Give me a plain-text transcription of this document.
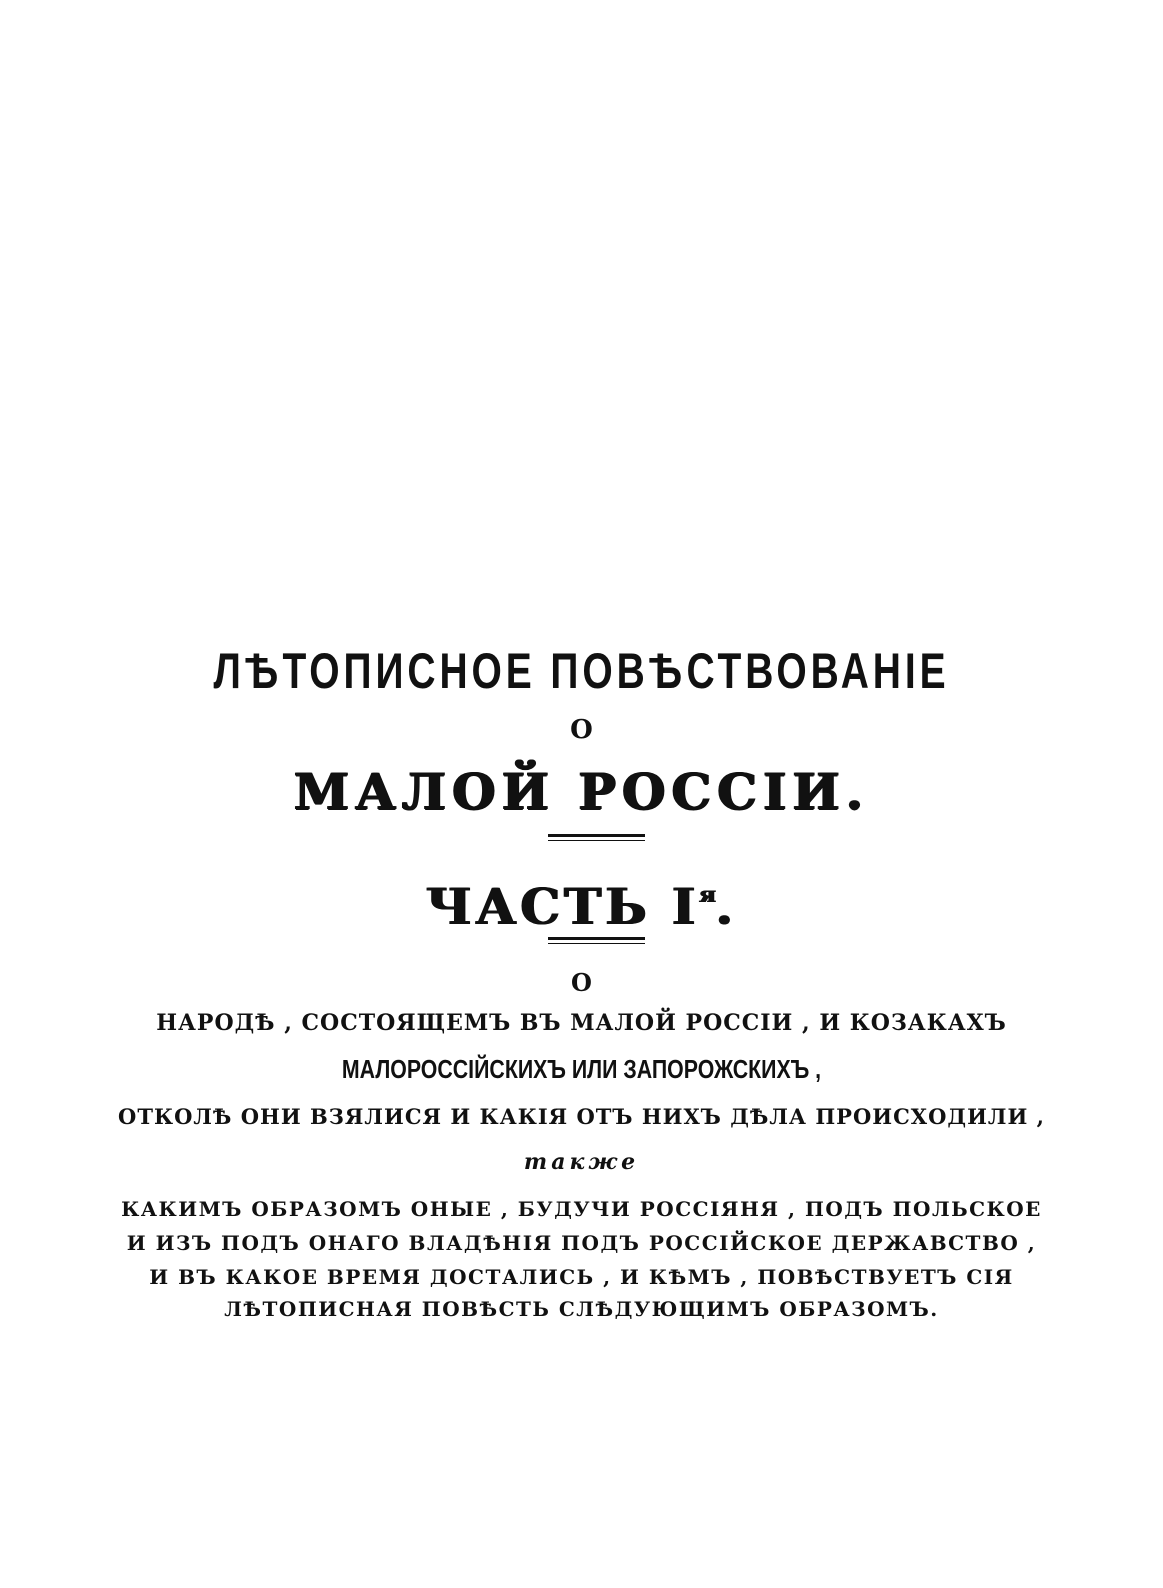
ЛѢТОПИСНОЕ ПОВѢСТВОВАНІЕ
О
МАЛОЙ РОССІИ.
ЧАСТЬ $І^я$.
О
НАРОДѢ , СОСТОЯЩЕМЪ ВЪ МАЛОЙ РОССІИ , И КОЗАКАХЪ
МАЛОРОССІЙСКИХЪ ИЛИ ЗАПОРОЖСКИХЪ ,
ОТКОЛѢ ОНИ ВЗЯЛИСЯ И КАКІЯ ОТЪ НИХЪ ДѢЛА ПРОИСХОДИЛИ ,
также
КАКИМЪ ОБРАЗОМЪ ОНЫЕ , БУДУЧИ РОССІЯНЯ , ПОДЪ ПОЛЬСКОЕ
И ИЗЪ ПОДЪ ОНАГО ВЛАДѢНІЯ ПОДЪ РОССІЙСКОЕ ДЕРЖАВСТВО ,
И ВЪ КАКОЕ ВРЕМЯ ДОСТАЛИСЬ , И КѢМЪ , ПОВѢСТВУЕТЪ СІЯ
ЛѢТОПИСНАЯ ПОВѢСТЬ СЛѢДУЮЩИМЪ ОБРАЗОМЪ.
